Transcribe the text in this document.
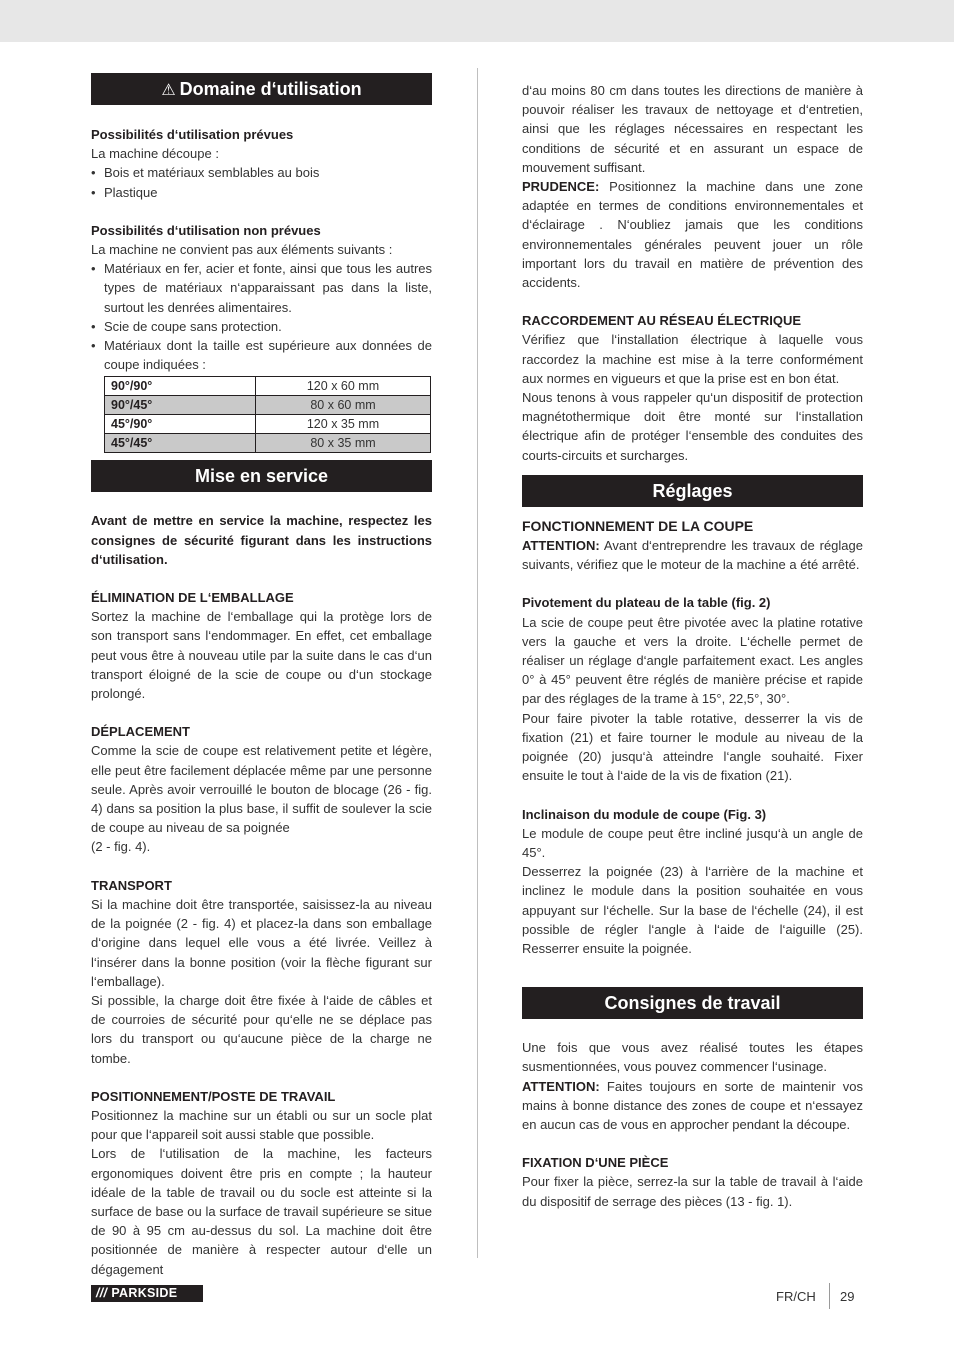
⚠ Domaine d‘utilisation

Possibilités d‘utilisation prévues

La machine découpe :

• Bois et matériaux semblables au bois
• Plastique

Possibilités d‘utilisation non prévues

La machine ne convient pas aux éléments suivants :

• Matériaux en fer, acier et fonte, ainsi que tous les autres types de matériaux n‘apparaissant pas dans la liste, surtout les denrées alimentaires.
• Scie de coupe sans protection.
• Matériaux dont la taille est supérieure aux données de coupe indiquées :
90°/90°	120 x 60 mm
90°/45°	80 x 60 mm
45°/90°	120 x 35 mm
45°/45°	80 x 35 mm
Mise en service

Avant de mettre en service la machine, respectez les consignes de sécurité figurant dans les instructions d‘utilisation.

ÉLIMINATION DE L‘EMBALLAGE

Sortez la machine de l‘emballage qui la protège lors de son transport sans l‘endommager. En effet, cet emballage peut vous être à nouveau utile par la suite dans le cas d‘un transport éloigné de la scie de coupe ou d‘un stockage prolongé.

DÉPLACEMENT

Comme la scie de coupe est relativement petite et légère, elle peut être facilement déplacée même par une personne seule. Après avoir verrouillé le bouton de blocage (26 - fig. 4) dans sa position la plus base, il suffit de soulever la scie de coupe au niveau de sa poignée

(2 - fig. 4).

TRANSPORT

Si la machine doit être transportée, saisissez-la au niveau de la poignée (2 - fig. 4) et placez-la dans son emballage d‘origine dans lequel elle vous a été livrée. Veillez à l‘insérer dans la bonne position (voir la flèche figurant sur l‘emballage).

Si possible, la charge doit être fixée à l‘aide de câbles et de courroies de sécurité pour qu‘elle ne se déplace pas lors du transport ou qu‘aucune pièce de la charge ne tombe.

POSITIONNEMENT/POSTE DE TRAVAIL

Positionnez la machine sur un établi ou sur un socle plat pour que l‘appareil soit aussi stable que possible.

Lors de l‘utilisation de la machine, les facteurs ergonomiques doivent être pris en compte ; la hauteur idéale de la table de travail ou du socle est atteinte si la surface de base ou la surface de travail supérieure se situe de 90 à 95 cm au-dessus du sol. La machine doit être positionnée de manière à respecter autour d‘elle un dégagement

d‘au moins 80 cm dans toutes les directions de manière à pouvoir réaliser les travaux de nettoyage et d‘entretien, ainsi que les réglages nécessaires en respectant les conditions de sécurité et en assurant un espace de mouvement suffisant.

PRUDENCE: Positionnez la machine dans une zone adaptée en termes de conditions environnementales et d‘éclairage . N‘oubliez jamais que les conditions environnementales générales peuvent jouer un rôle important lors du travail en matière de prévention des accidents.

RACCORDEMENT AU RÉSEAU ÉLECTRIQUE

Vérifiez que l‘installation électrique à laquelle vous raccordez la machine est mise à la terre conformément aux normes en vigueurs et que la prise est en bon état.

Nous tenons à vous rappeler qu‘un dispositif de protection magnétothermique doit être monté sur l‘installation électrique afin de protéger l‘ensemble des conduites des courts-circuits et surcharges.

Réglages

FONCTIONNEMENT DE LA COUPE

ATTENTION: Avant d‘entreprendre les travaux de réglage suivants, vérifiez que le moteur de la machine a été arrêté.

Pivotement du plateau de la table (fig. 2)

La scie de coupe peut être pivotée avec la platine rotative vers la gauche et vers la droite. L‘échelle permet de réaliser un réglage d‘angle parfaitement exact. Les angles 0° à 45° peuvent être réglés de manière précise et rapide par des réglages de la trame à 15°, 22,5°, 30°.

Pour faire pivoter la table rotative, desserrer la vis de fixation (21) et faire tourner le module au niveau de la poignée (20) jusqu‘à atteindre l‘angle souhaité. Fixer ensuite le tout à l‘aide de la vis de fixation (21).

Inclinaison du module de coupe (Fig. 3)

Le module de coupe peut être incliné jusqu‘à un angle de 45°.

Desserrez la poignée (23) à l‘arrière de la machine et inclinez le module dans la position souhaitée en vous appuyant sur l‘échelle. Sur la base de l‘échelle (24), il est possible de régler l‘angle à l‘aide de l‘aiguille (25). Resserrer ensuite la poignée.

Consignes de travail

Une fois que vous avez réalisé toutes les étapes susmentionnées, vous pouvez commencer l‘usinage.

ATTENTION: Faites toujours en sorte de maintenir vos mains à bonne distance des zones de coupe et n‘essayez en aucun cas de vous en approcher pendant la découpe.

FIXATION D‘UNE PIÈCE

Pour fixer la pièce, serrez-la sur la table de travail à l‘aide du dispositif de serrage des pièces (13 - fig. 1).

/// PARKSIDE	FR/CH 29
